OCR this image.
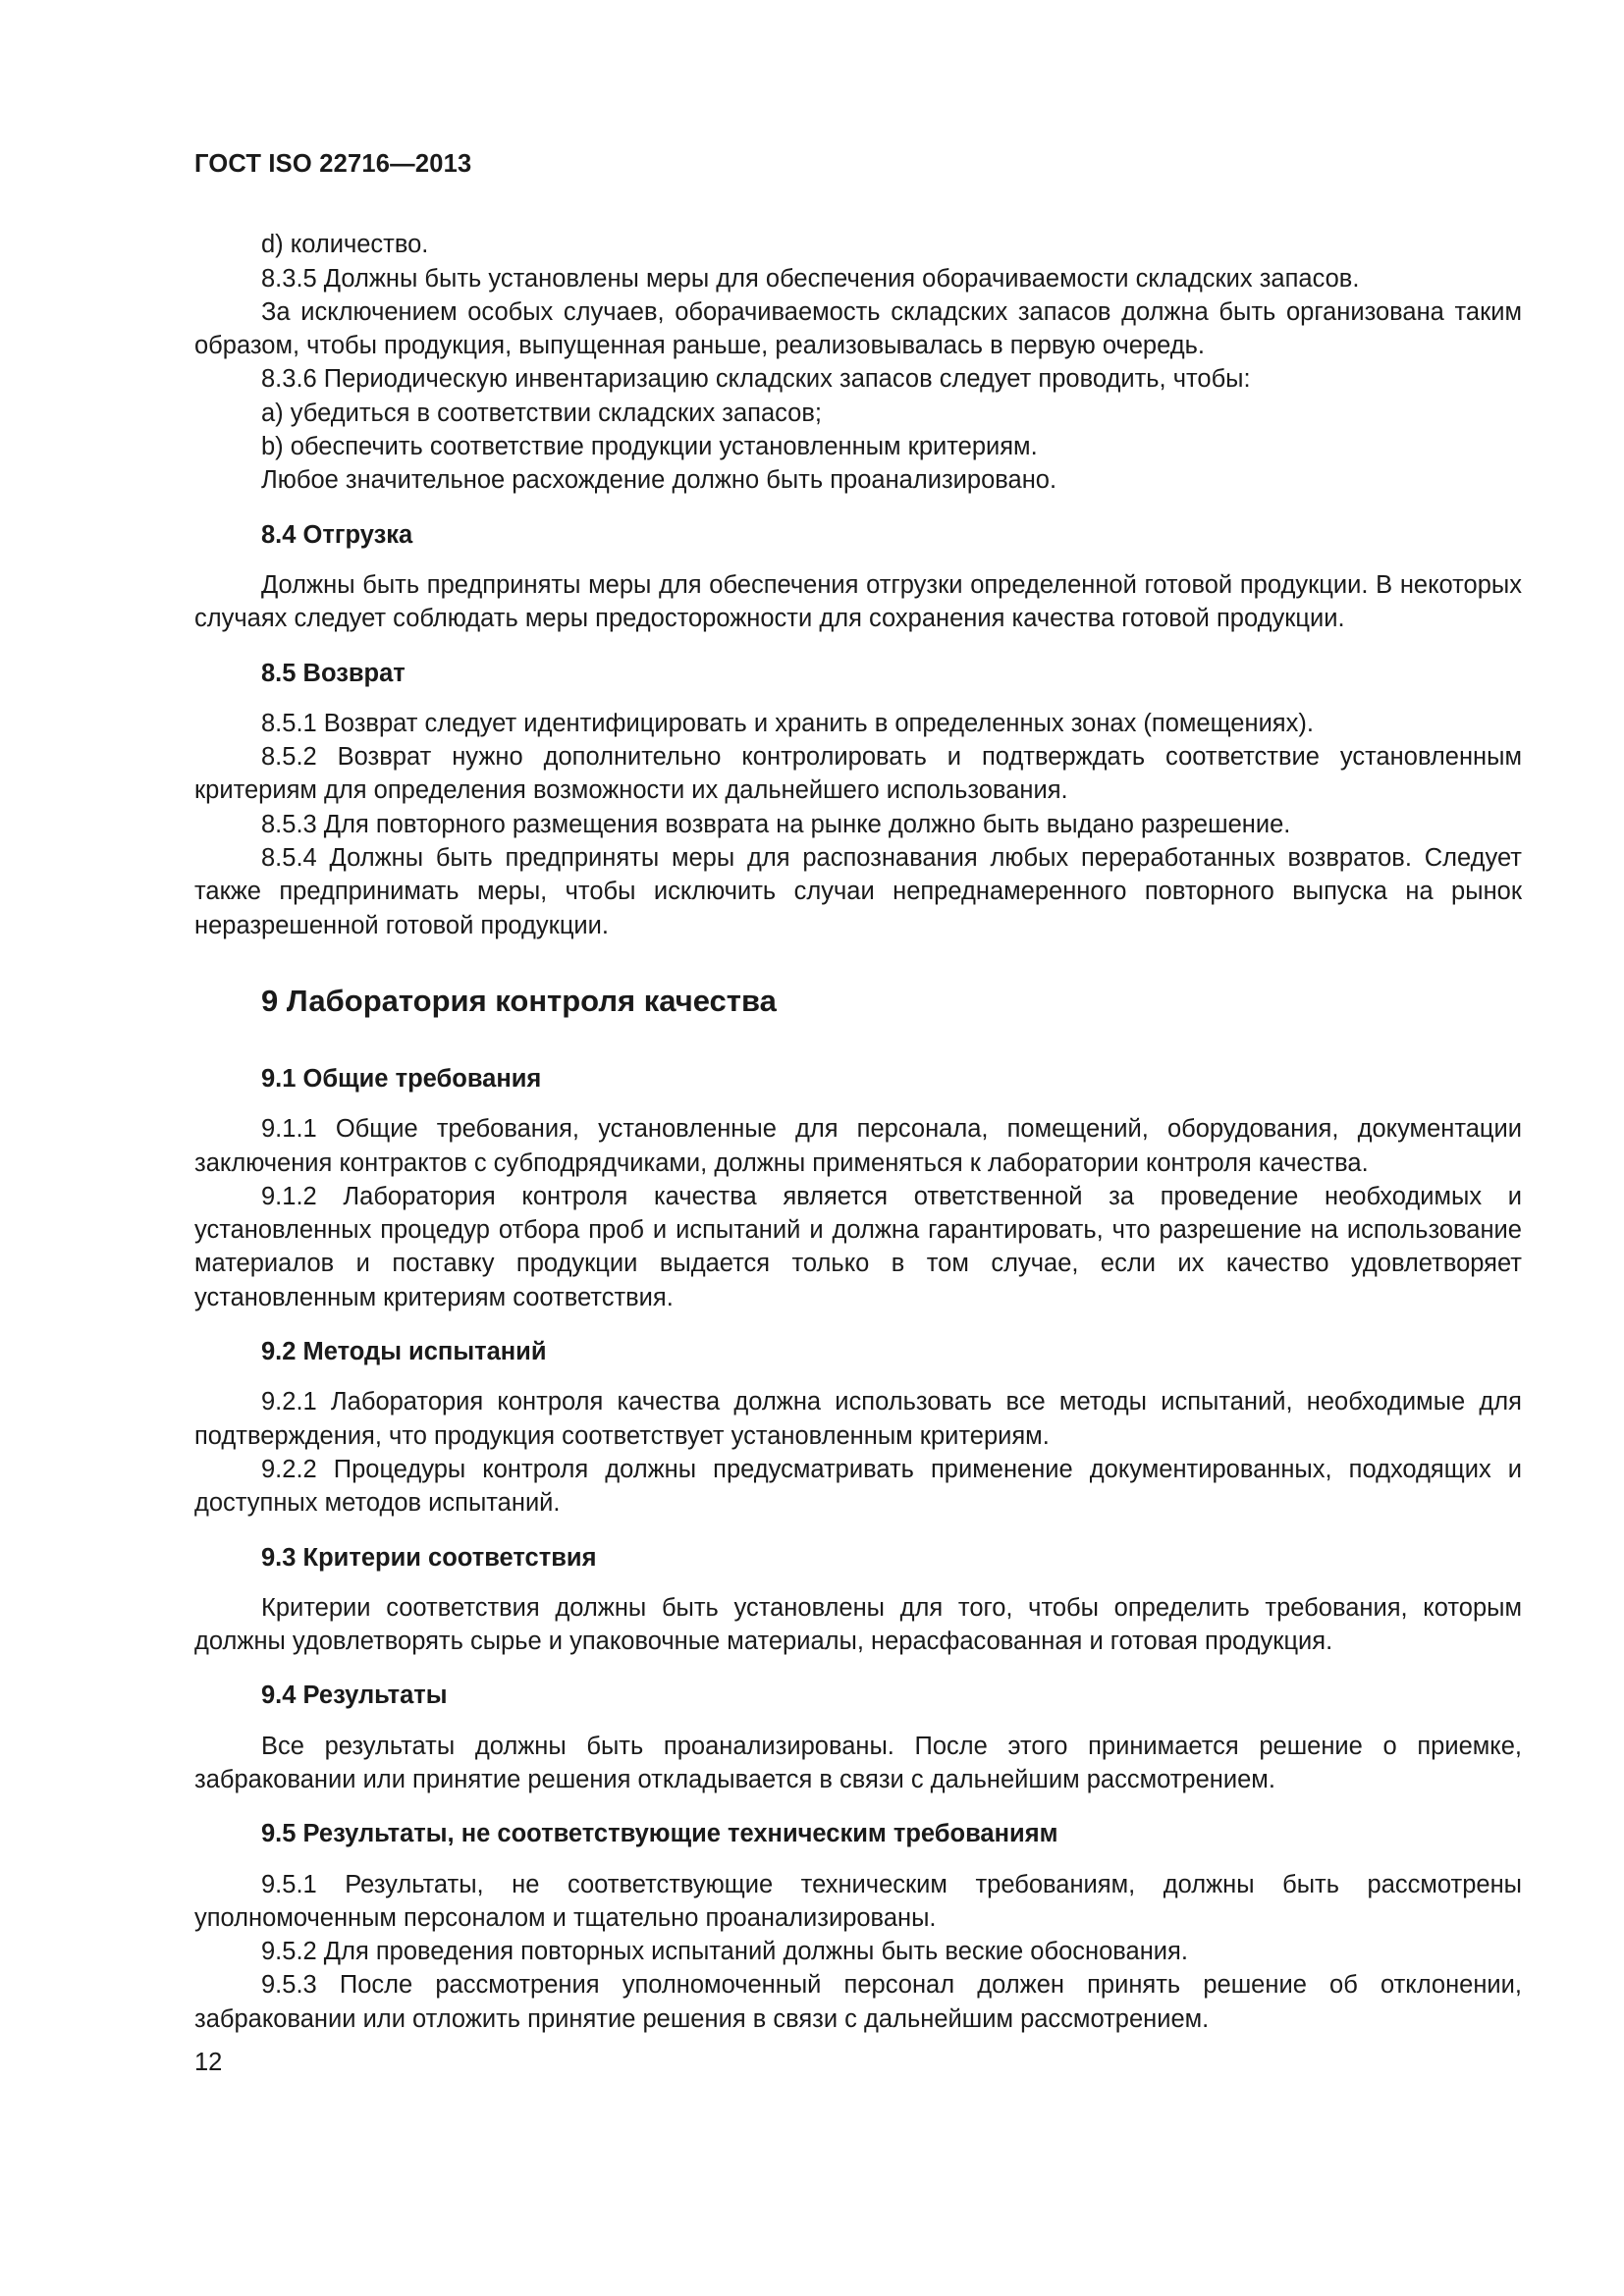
ГОСТ ISO 22716—2013

d) количество.

8.3.5 Должны быть установлены меры для обеспечения оборачиваемости складских запасов.

За исключением особых случаев, оборачиваемость складских запасов должна быть организована таким образом, чтобы продукция, выпущенная раньше, реализовывалась в первую очередь.

8.3.6 Периодическую инвентаризацию складских запасов следует проводить, чтобы:

a) убедиться в соответствии складских запасов;

b) обеспечить соответствие продукции установленным критериям.

Любое значительное расхождение должно быть проанализировано.

8.4 Отгрузка

Должны быть предприняты меры для обеспечения отгрузки определенной готовой продукции. В некоторых случаях следует соблюдать меры предосторожности для сохранения качества готовой продукции.

8.5 Возврат

8.5.1 Возврат следует идентифицировать и хранить в определенных зонах (помещениях).

8.5.2 Возврат нужно дополнительно контролировать и подтверждать соответствие установленным критериям для определения возможности их дальнейшего использования.

8.5.3 Для повторного размещения возврата на рынке должно быть выдано разрешение.

8.5.4 Должны быть предприняты меры для распознавания любых переработанных возвратов. Следует также предпринимать меры, чтобы исключить случаи непреднамеренного повторного выпуска на рынок неразрешенной готовой продукции.

9 Лаборатория контроля качества
9.1 Общие требования

9.1.1 Общие требования, установленные для персонала, помещений, оборудования, документации заключения контрактов с субподрядчиками, должны применяться к лаборатории контроля качества.

9.1.2 Лаборатория контроля качества является ответственной за проведение необходимых и установленных процедур отбора проб и испытаний и должна гарантировать, что разрешение на использование материалов и поставку продукции выдается только в том случае, если их качество удовлетворяет установленным критериям соответствия.

9.2 Методы испытаний

9.2.1 Лаборатория контроля качества должна использовать все методы испытаний, необходимые для подтверждения, что продукция соответствует установленным критериям.

9.2.2 Процедуры контроля должны предусматривать применение документированных, подходящих и доступных методов испытаний.

9.3 Критерии соответствия

Критерии соответствия должны быть установлены для того, чтобы определить требования, которым должны удовлетворять сырье и упаковочные материалы, нерасфасованная и готовая продукция.

9.4 Результаты

Все результаты должны быть проанализированы. После этого принимается решение о приемке, забраковании или принятие решения откладывается в связи с дальнейшим рассмотрением.

9.5 Результаты, не соответствующие техническим требованиям

9.5.1 Результаты, не соответствующие техническим требованиям, должны быть рассмотрены уполномоченным персоналом и тщательно проанализированы.

9.5.2 Для проведения повторных испытаний должны быть веские обоснования.

9.5.3 После рассмотрения уполномоченный персонал должен принять решение об отклонении, забраковании или отложить принятие решения в связи с дальнейшим рассмотрением.

12
